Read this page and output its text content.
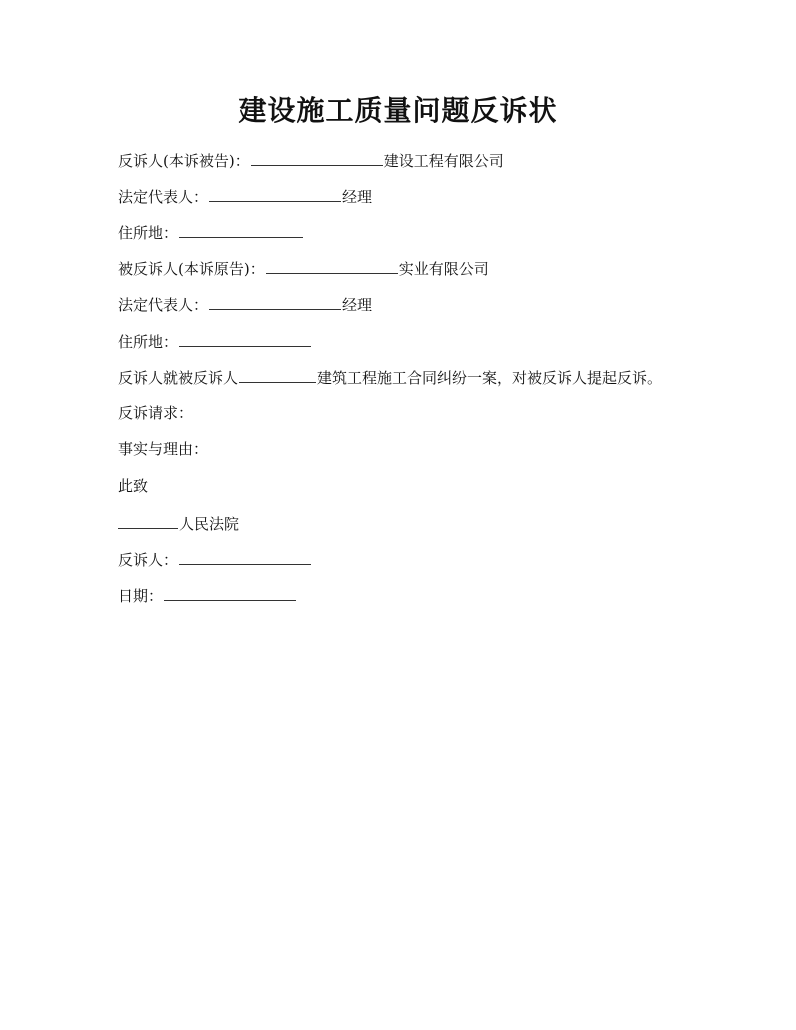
建设施工质量问题反诉状
反诉人(本诉被告)：	建设工程有限公司
法定代表人：	经理
住所地：
被反诉人(本诉原告)：	实业有限公司
法定代表人：	经理
住所地：
反诉人就被反诉人	建筑工程施工合同纠纷一案，对被反诉人提起反诉。
反诉请求：
事实与理由：
此致
人民法院
反诉人：
日期：
